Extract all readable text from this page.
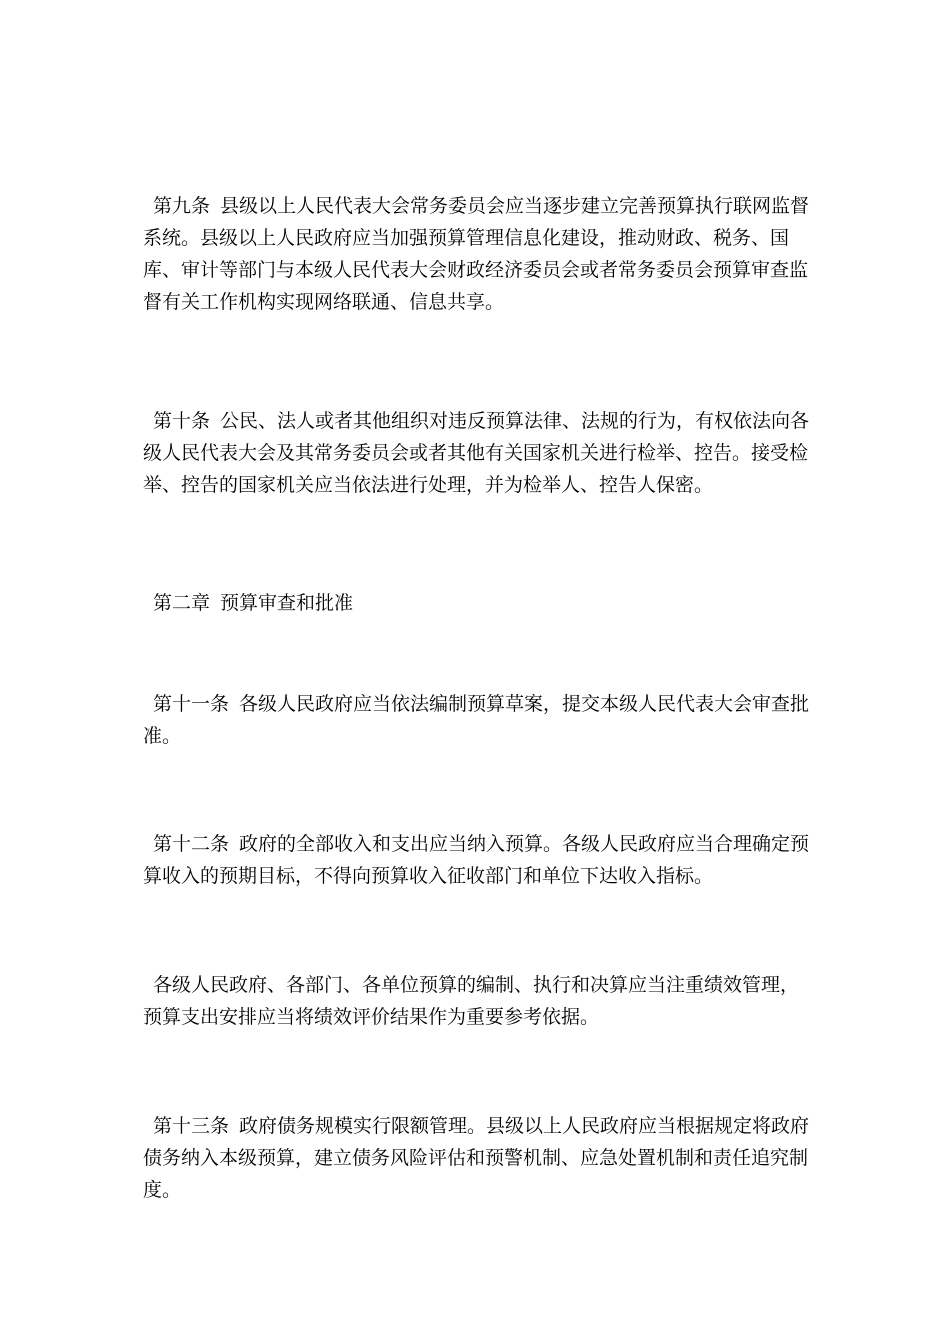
第九条 县级以上人民代表大会常务委员会应当逐步建立完善预算执行联网监督系统。县级以上人民政府应当加强预算管理信息化建设，推动财政、税务、国库、审计等部门与本级人民代表大会财政经济委员会或者常务委员会预算审查监督有关工作机构实现网络联通、信息共享。

第十条 公民、法人或者其他组织对违反预算法律、法规的行为，有权依法向各级人民代表大会及其常务委员会或者其他有关国家机关进行检举、控告。接受检举、控告的国家机关应当依法进行处理，并为检举人、控告人保密。

第二章 预算审查和批准

第十一条 各级人民政府应当依法编制预算草案，提交本级人民代表大会审查批准。

第十二条 政府的全部收入和支出应当纳入预算。各级人民政府应当合理确定预算收入的预期目标，不得向预算收入征收部门和单位下达收入指标。

各级人民政府、各部门、各单位预算的编制、执行和决算应当注重绩效管理，预算支出安排应当将绩效评价结果作为重要参考依据。

第十三条 政府债务规模实行限额管理。县级以上人民政府应当根据规定将政府债务纳入本级预算，建立债务风险评估和预警机制、应急处置机制和责任追究制度。
